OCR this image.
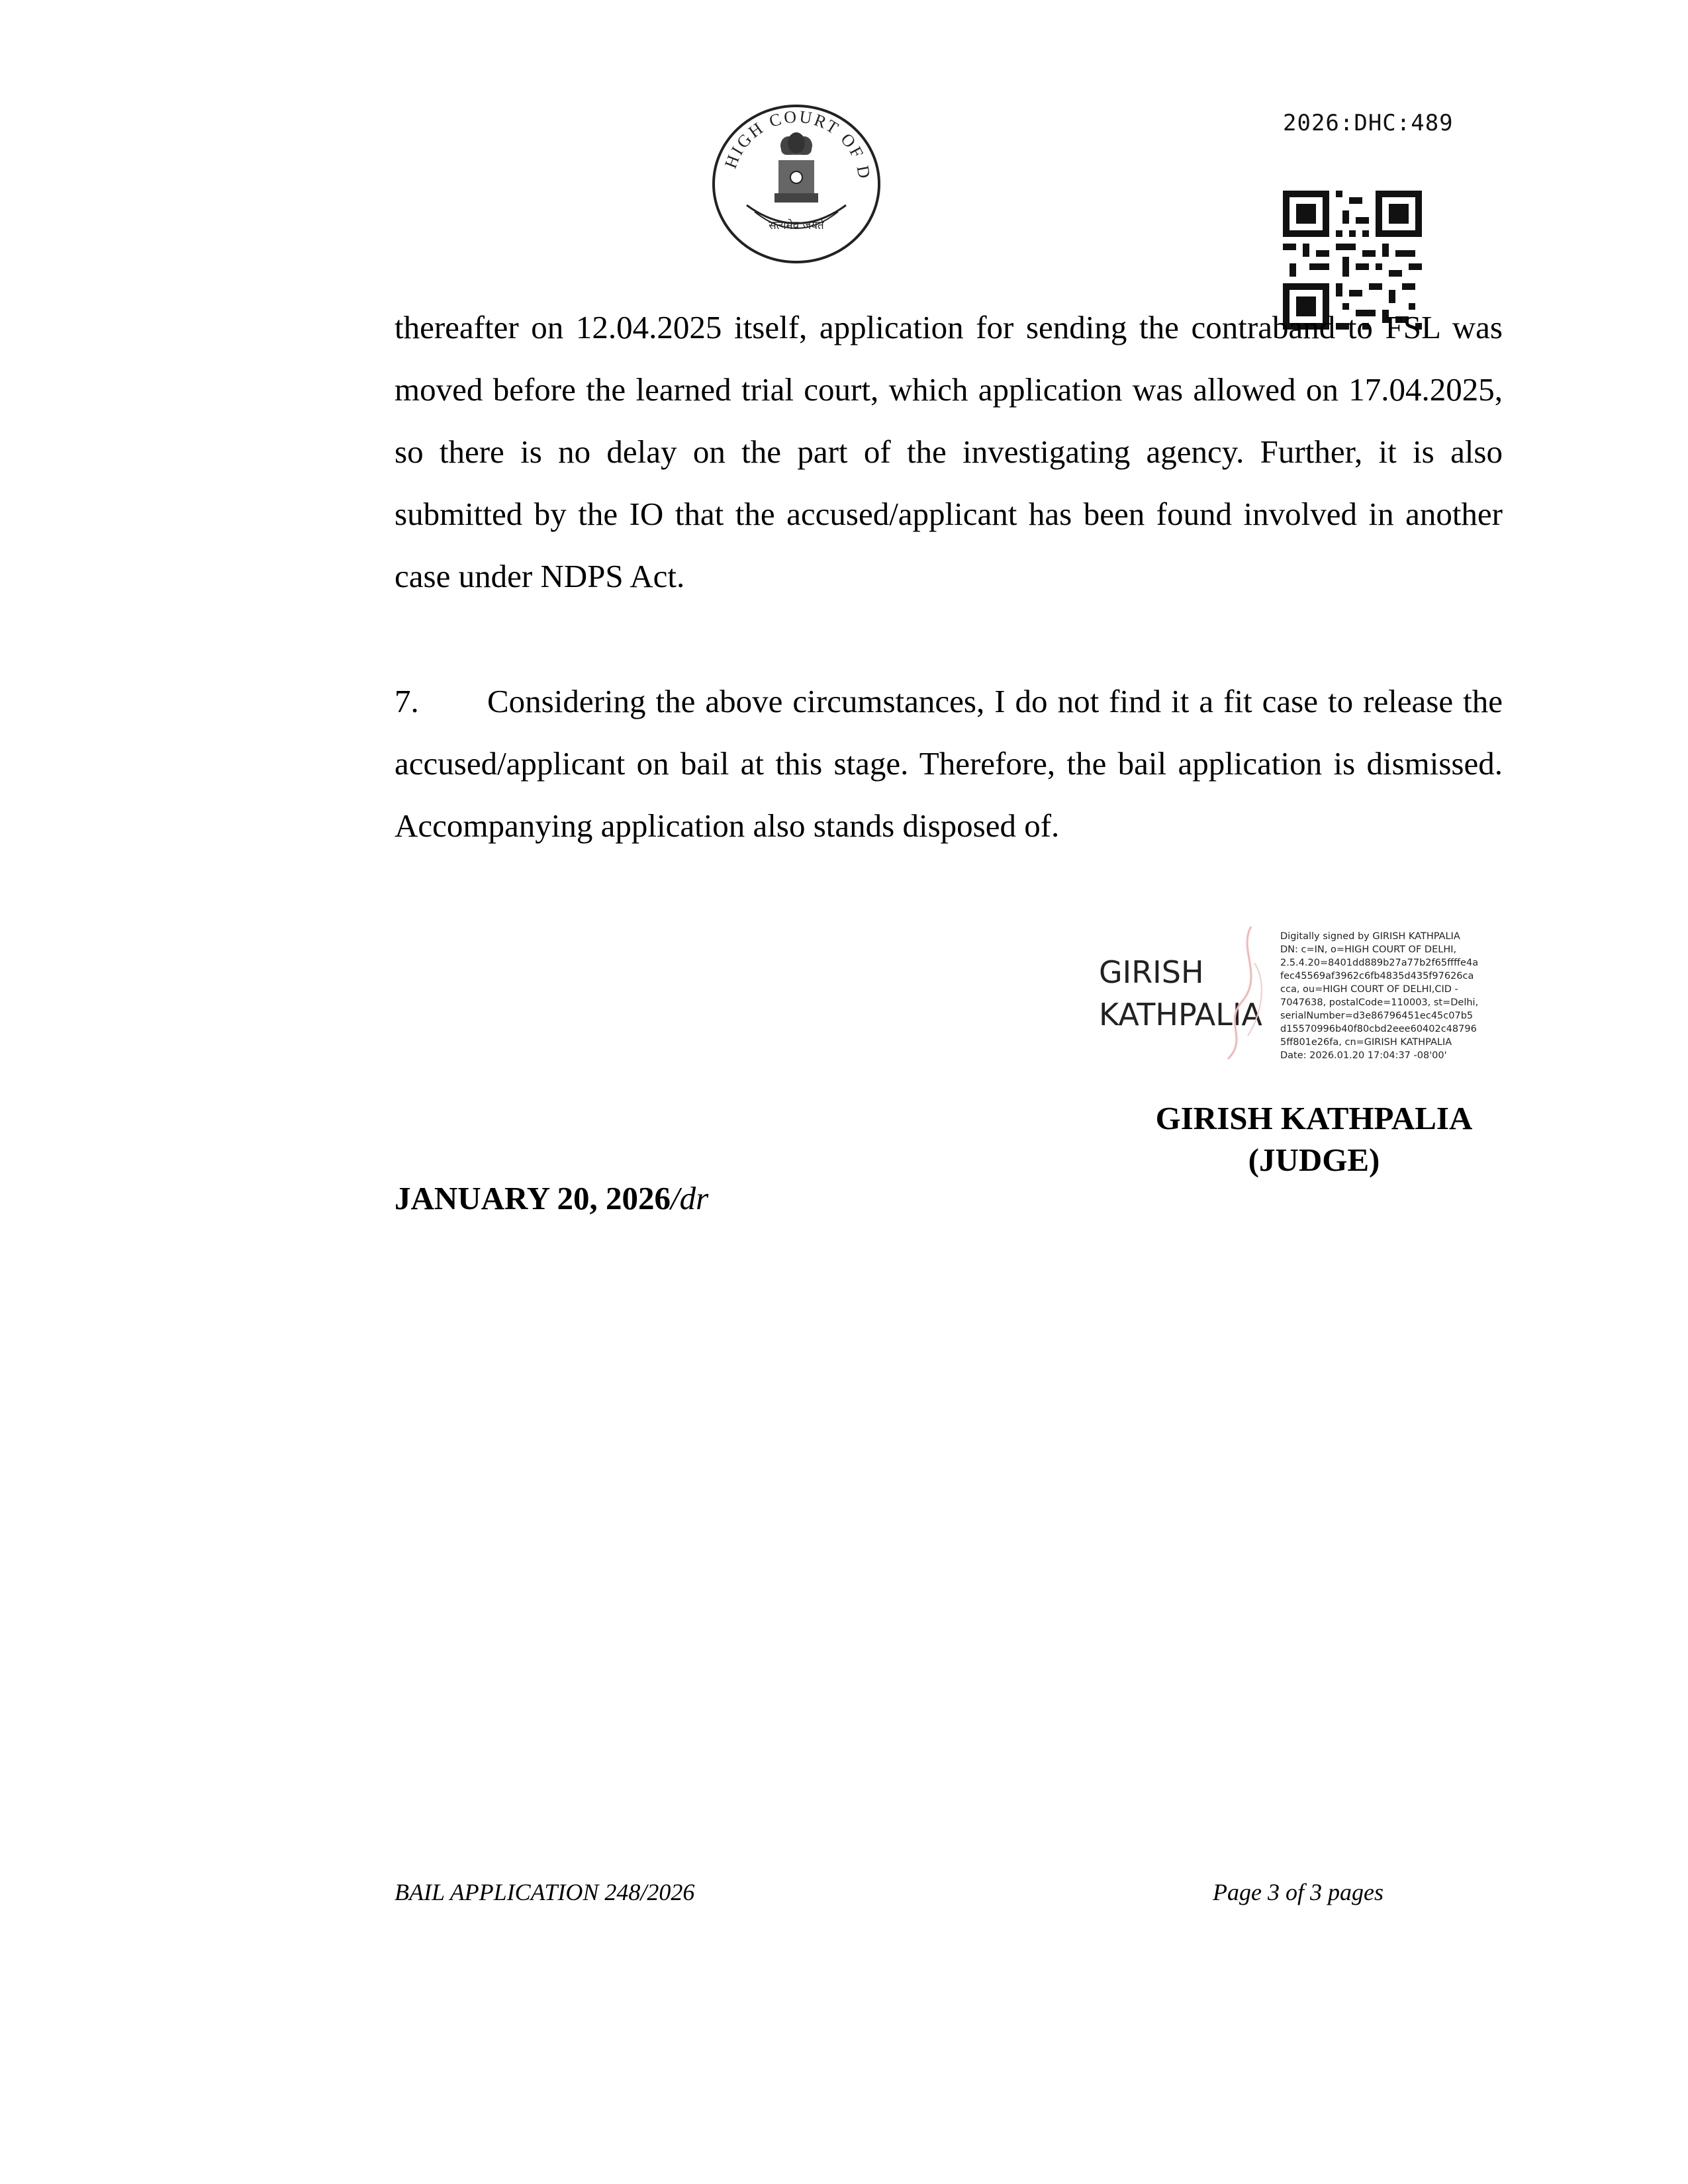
HIGH COURT OF D
सत्यमेव जयते
2026:DHC:489

thereafter on 12.04.2025 itself, application for sending the contraband to FSL was moved before the learned trial court, which application was allowed on 17.04.2025, so there is no delay on the part of the investigating agency. Further, it is also submitted by the IO that the accused/applicant has been found involved in another case under NDPS Act.

7. Considering the above circumstances, I do not find it a fit case to release the accused/applicant on bail at this stage. Therefore, the bail application is dismissed. Accompanying application also stands disposed of.

GIRISH
KATHPALIA
Digitally signed by GIRISH KATHPALIA
DN: c=IN, o=HIGH COURT OF DELHI,
2.5.4.20=8401dd889b27a77b2f65ffffe4a
fec45569af3962c6fb4835d435f97626ca
cca, ou=HIGH COURT OF DELHI,CID -
7047638, postalCode=110003, st=Delhi,
serialNumber=d3e86796451ec45c07b5
d15570996b40f80cbd2eee60402c48796
5ff801e26fa, cn=GIRISH KATHPALIA
Date: 2026.01.20 17:04:37 -08'00'
GIRISH KATHPALIA
(JUDGE)
JANUARY 20, 2026/dr
BAIL APPLICATION 248/2026	Page 3 of 3 pages
